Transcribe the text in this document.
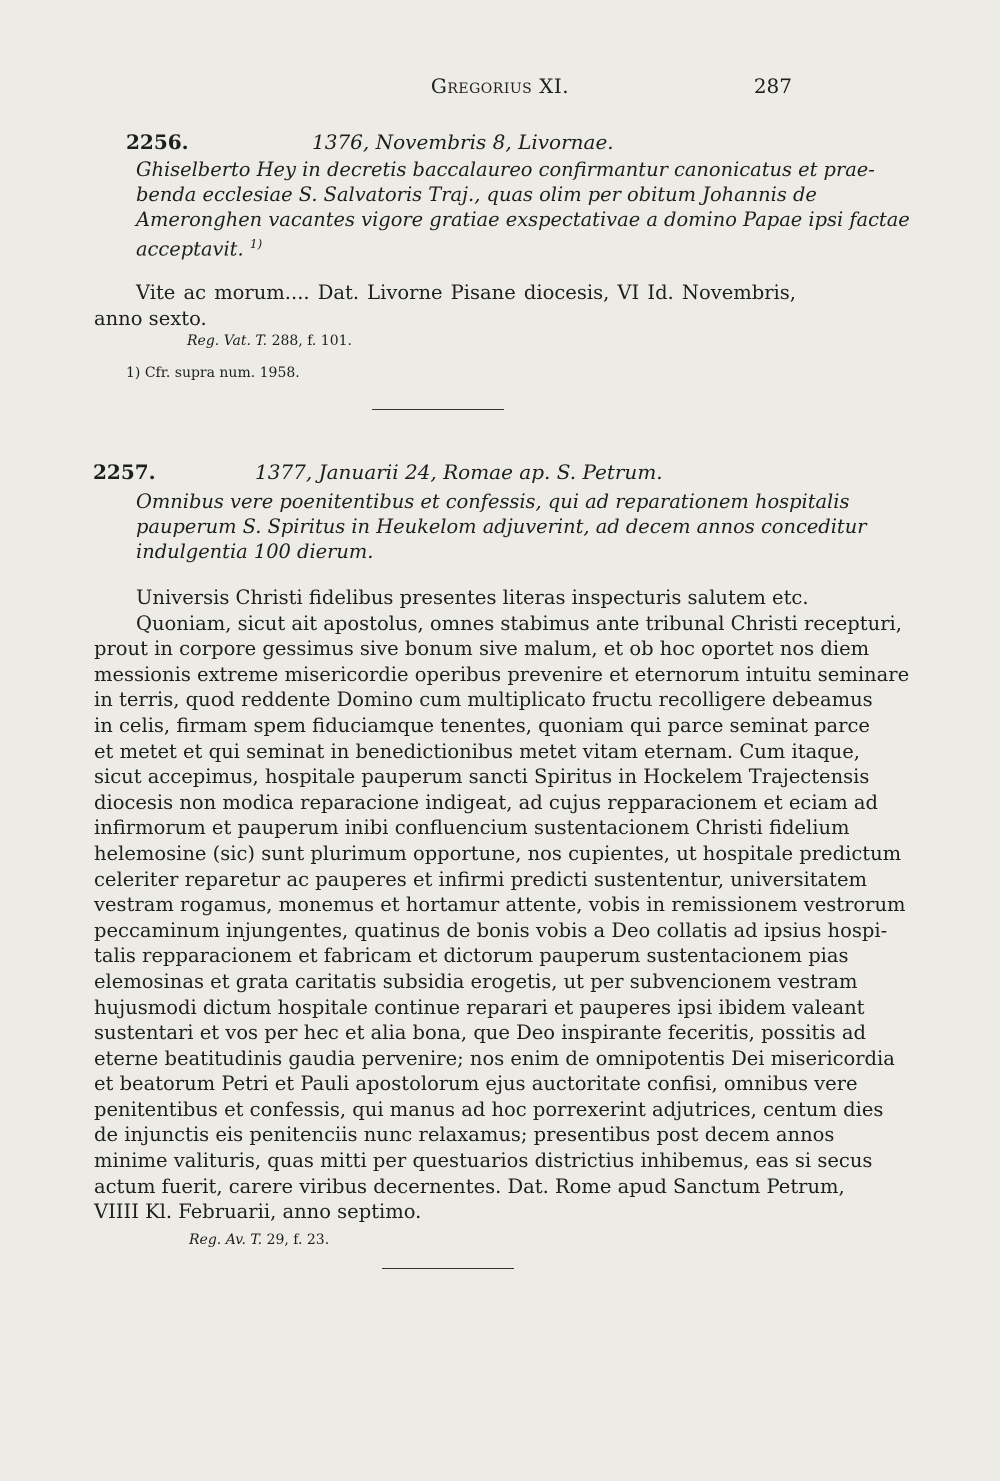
Gregorius XI.	287
2256.	1376, Novembris 8, Livornae.
Ghiselberto Hey in decretis baccalaureo confirmantur canonicatus et prae-
benda ecclesiae S. Salvatoris Traj., quas olim per obitum Johannis de
Ameronghen vacantes vigore gratiae exspectativae a domino Papae ipsi factae
acceptavit. $^{1)}$
Vite ac morum.... Dat. Livorne Pisane diocesis, VI Id. Novembris,
anno sexto.
Reg. Vat. T. 288, f. 101.
1) Cfr. supra num. 1958.
2257.	1377, Januarii 24, Romae ap. S. Petrum.
Omnibus vere poenitentibus et confessis, qui ad reparationem hospitalis
pauperum S. Spiritus in Heukelom adjuverint, ad decem annos conceditur
indulgentia 100 dierum.
Universis Christi fidelibus presentes literas inspecturis salutem etc.
Quoniam, sicut ait apostolus, omnes stabimus ante tribunal Christi recepturi,
prout in corpore gessimus sive bonum sive malum, et ob hoc oportet nos diem
messionis extreme misericordie operibus prevenire et eternorum intuitu seminare
in terris, quod reddente Domino cum multiplicato fructu recolligere debeamus
in celis, firmam spem fiduciamque tenentes, quoniam qui parce seminat parce
et metet et qui seminat in benedictionibus metet vitam eternam. Cum itaque,
sicut accepimus, hospitale pauperum sancti Spiritus in Hockelem Trajectensis
diocesis non modica reparacione indigeat, ad cujus repparacionem et eciam ad
infirmorum et pauperum inibi confluencium sustentacionem Christi fidelium
helemosine (sic) sunt plurimum opportune, nos cupientes, ut hospitale predictum
celeriter reparetur ac pauperes et infirmi predicti sustententur, universitatem
vestram rogamus, monemus et hortamur attente, vobis in remissionem vestrorum
peccaminum injungentes, quatinus de bonis vobis a Deo collatis ad ipsius hospi-
talis repparacionem et fabricam et dictorum pauperum sustentacionem pias
elemosinas et grata caritatis subsidia erogetis, ut per subvencionem vestram
hujusmodi dictum hospitale continue reparari et pauperes ipsi ibidem valeant
sustentari et vos per hec et alia bona, que Deo inspirante feceritis, possitis ad
eterne beatitudinis gaudia pervenire; nos enim de omnipotentis Dei misericordia
et beatorum Petri et Pauli apostolorum ejus auctoritate confisi, omnibus vere
penitentibus et confessis, qui manus ad hoc porrexerint adjutrices, centum dies
de injunctis eis penitenciis nunc relaxamus; presentibus post decem annos
minime valituris, quas mitti per questuarios districtius inhibemus, eas si secus
actum fuerit, carere viribus decernentes. Dat. Rome apud Sanctum Petrum,
VIIII Kl. Februarii, anno septimo.
Reg. Av. T. 29, f. 23.
